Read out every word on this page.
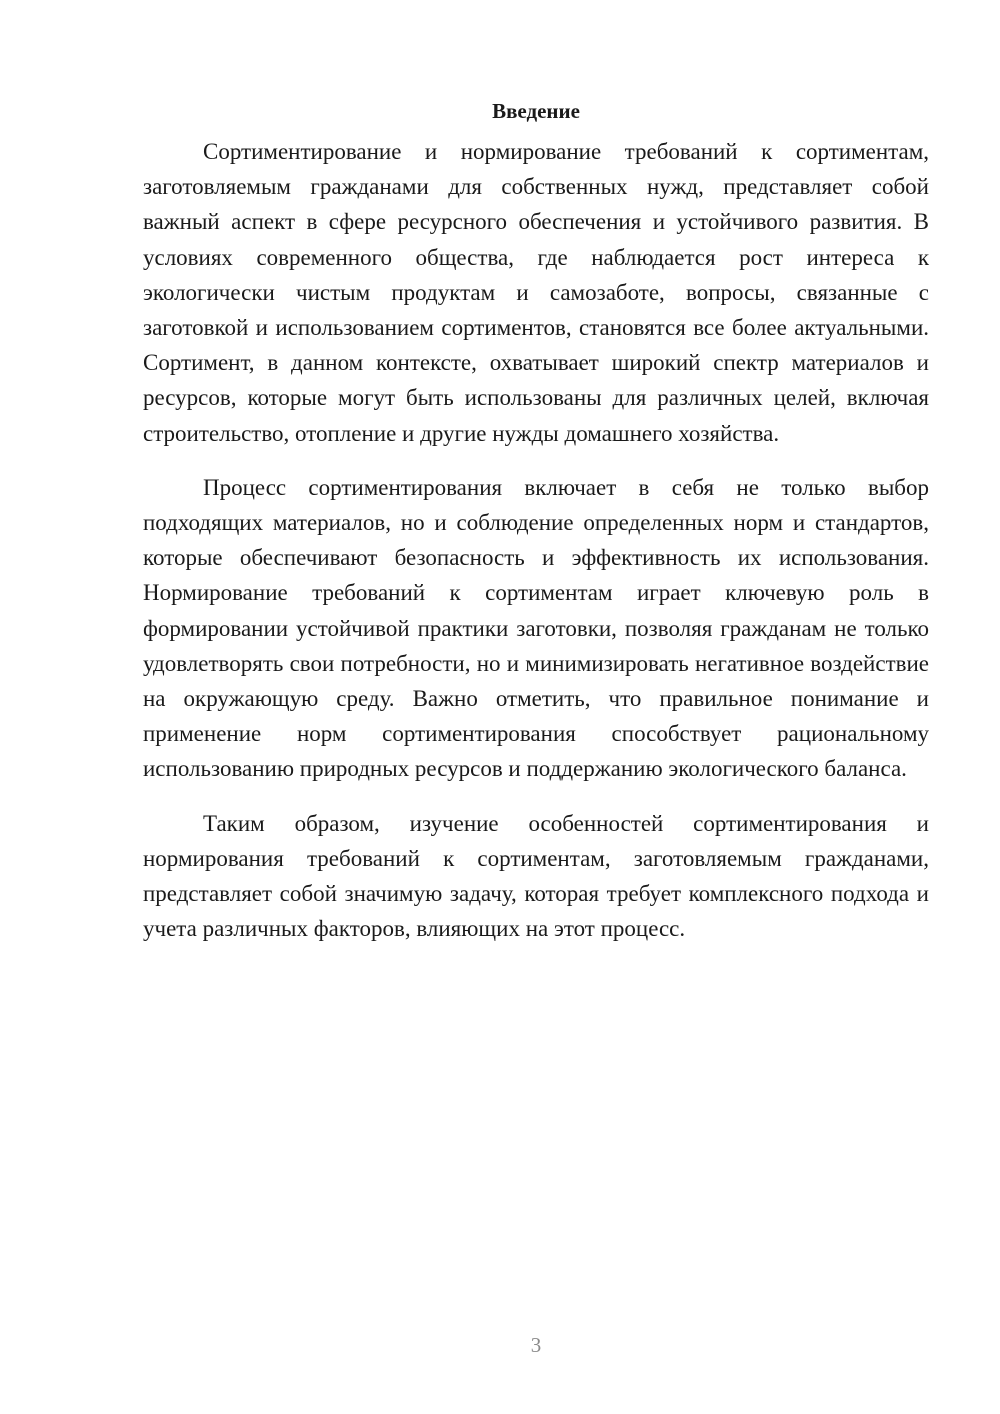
Введение

Сортиментирование и нормирование требований к сортиментам, заготовляемым гражданами для собственных нужд, представляет собой важный аспект в сфере ресурсного обеспечения и устойчивого развития. В условиях современного общества, где наблюдается рост интереса к экологически чистым продуктам и самозаботе, вопросы, связанные с заготовкой и использованием сортиментов, становятся все более актуальными. Сортимент, в данном контексте, охватывает широкий спектр материалов и ресурсов, которые могут быть использованы для различных целей, включая строительство, отопление и другие нужды домашнего хозяйства.

Процесс сортиментирования включает в себя не только выбор подходящих материалов, но и соблюдение определенных норм и стандартов, которые обеспечивают безопасность и эффективность их использования. Нормирование требований к сортиментам играет ключевую роль в формировании устойчивой практики заготовки, позволяя гражданам не только удовлетворять свои потребности, но и минимизировать негативное воздействие на окружающую среду. Важно отметить, что правильное понимание и применение норм сортиментирования способствует рациональному использованию природных ресурсов и поддержанию экологического баланса.

Таким образом, изучение особенностей сортиментирования и нормирования требований к сортиментам, заготовляемым гражданами, представляет собой значимую задачу, которая требует комплексного подхода и учета различных факторов, влияющих на этот процесс.

3
